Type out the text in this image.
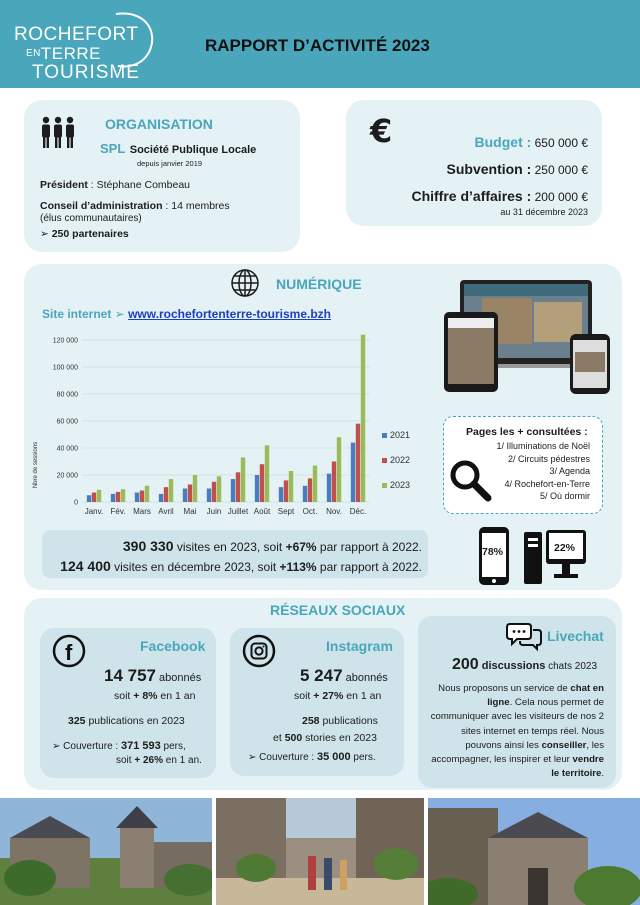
ROCHEFORT
ENTERRE
TOURISME
RAPPORT D’ACTIVITÉ 2023
ORGANISATION
SPL Société Publique Locale
depuis janvier 2019
Président : Stéphane Combeau
Conseil d’administration : 14 membres
(élus communautaires)
➢ 250 partenaires
€	Budget : 650 000 €
Subvention : 250 000 €
Chiffre d’affaires : 200 000 €
au 31 décembre 2023
NUMÉRIQUE
Site internet ➢ www.rochefortenterre-tourisme.bzh
Nbre de sessions
0
20 000
40 000
60 000
80 000
100 000
120 000
Janv. Fév. Mars Avril Mai Juin Juillet Août Sept Oct. Nov. Déc.
2021
2022
2023
390 330 visites en 2023, soit +67% par rapport à 2022.
124 400 visites en décembre 2023, soit +113% par rapport à 2022.
Pages les + consultées :
1/ Illuminations de Noël
2/ Circuits pédestres
3/ Agenda
4/ Rochefort-en-Terre
5/ Où dormir
78%	22%
RÉSEAUX SOCIAUX
f	Facebook
14 757 abonnés
soit + 8% en 1 an
325 publications en 2023
➢ Couverture : 371 593 pers,
soit + 26% en 1 an.
Instagram
5 247 abonnés
soit + 27% en 1 an
258 publications
et 500 stories en 2023
➢ Couverture : 35 000 pers.
Livechat
200 discussions chats 2023
Nous proposons un service de chat en ligne. Cela nous permet de communiquer avec les visiteurs de nos 2 sites internet en temps réel. Nous pouvons ainsi les conseiller, les accompagner, les inspirer et leur vendre le territoire.
